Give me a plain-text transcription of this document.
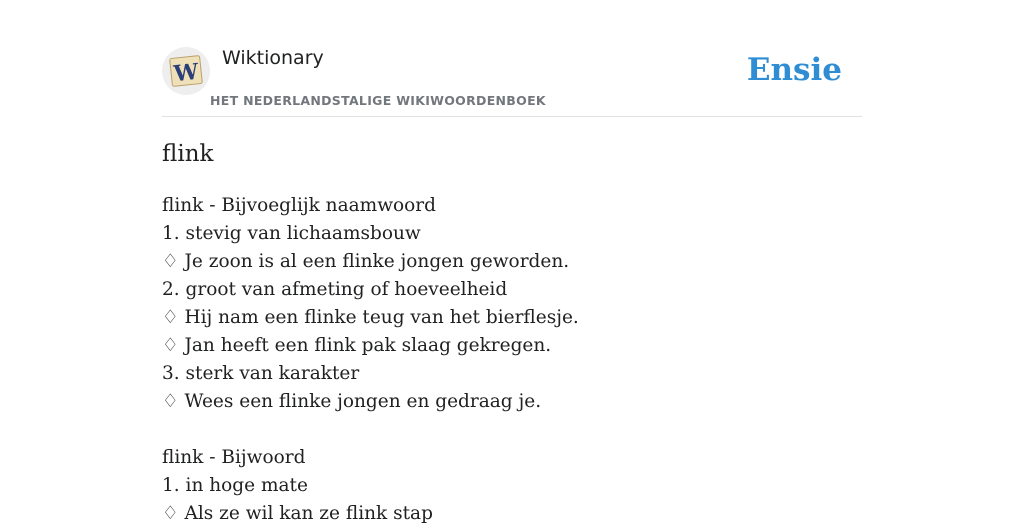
W
Wiktionary
HET NEDERLANDSTALIGE WIKIWOORDENBOEK
Ensie
flink
flink - Bijvoeglijk naamwoord
1. stevig van lichaamsbouw
♢ Je zoon is al een flinke jongen geworden.
2. groot van afmeting of hoeveelheid
♢ Hij nam een flinke teug van het bierflesje.
♢ Jan heeft een flink pak slaag gekregen.
3. sterk van karakter
♢ Wees een flinke jongen en gedraag je.
flink - Bijwoord
1. in hoge mate
♢ Als ze wil kan ze flink stap
